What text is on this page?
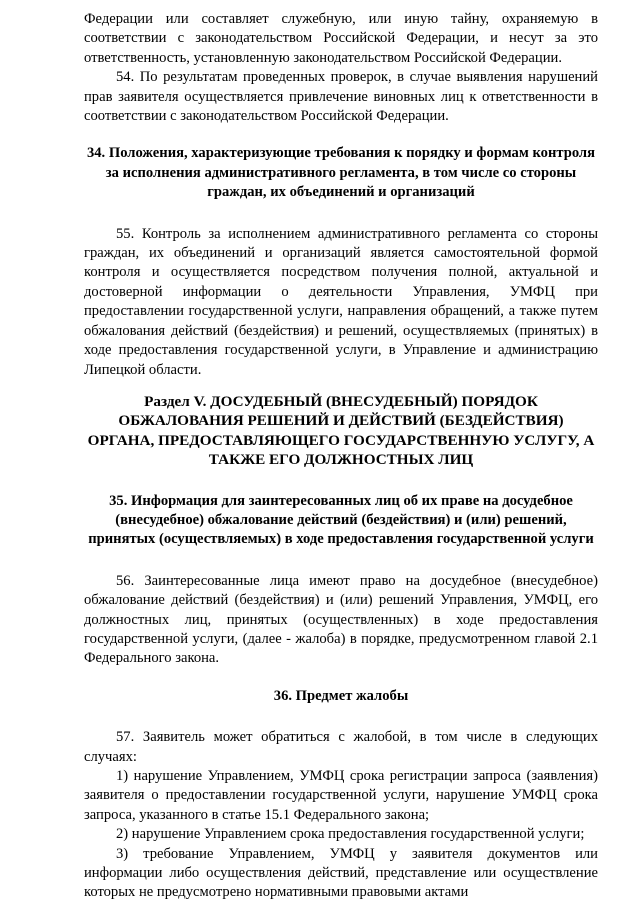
Федерации или составляет служебную, или иную тайну, охраняемую в соответствии с законодательством Российской Федерации, и несут за это ответственность, установленную законодательством Российской Федерации.

54. По результатам проведенных проверок, в случае выявления нарушений прав заявителя осуществляется привлечение виновных лиц к ответственности в соответствии с законодательством Российской Федерации.

34. Положения, характеризующие требования к порядку и формам контроля за исполнения административного регламента, в том числе со стороны граждан, их объединений и организаций

55. Контроль за исполнением административного регламента со стороны граждан, их объединений и организаций является самостоятельной формой контроля и осуществляется посредством получения полной, актуальной и достоверной информации о деятельности Управления, УМФЦ при предоставлении государственной услуги, направления обращений, а также путем обжалования действий (бездействия) и решений, осуществляемых (принятых) в ходе предоставления государственной услуги, в Управление и администрацию Липецкой области.

Раздел V. ДОСУДЕБНЫЙ (ВНЕСУДЕБНЫЙ) ПОРЯДОК ОБЖАЛОВАНИЯ РЕШЕНИЙ И ДЕЙСТВИЙ (БЕЗДЕЙСТВИЯ) ОРГАНА, ПРЕДОСТАВЛЯЮЩЕГО ГОСУДАРСТВЕННУЮ УСЛУГУ, А ТАКЖЕ ЕГО ДОЛЖНОСТНЫХ ЛИЦ

35. Информация для заинтересованных лиц об их праве на досудебное (внесудебное) обжалование действий (бездействия) и (или) решений, принятых (осуществляемых) в ходе предоставления государственной услуги

56. Заинтересованные лица имеют право на досудебное (внесудебное) обжалование действий (бездействия) и (или) решений Управления, УМФЦ, его должностных лиц, принятых (осуществленных) в ходе предоставления государственной услуги, (далее - жалоба) в порядке, предусмотренном главой 2.1 Федерального закона.

36. Предмет жалобы

57. Заявитель может обратиться с жалобой, в том числе в следующих случаях:

1) нарушение Управлением, УМФЦ срока регистрации запроса (заявления) заявителя о предоставлении государственной услуги, нарушение УМФЦ срока запроса, указанного в статье 15.1 Федерального закона;

2) нарушение Управлением срока предоставления государственной услуги;

3) требование Управлением, УМФЦ у заявителя документов или информации либо осуществления действий, представление или осуществление которых не предусмотрено нормативными правовыми актами
